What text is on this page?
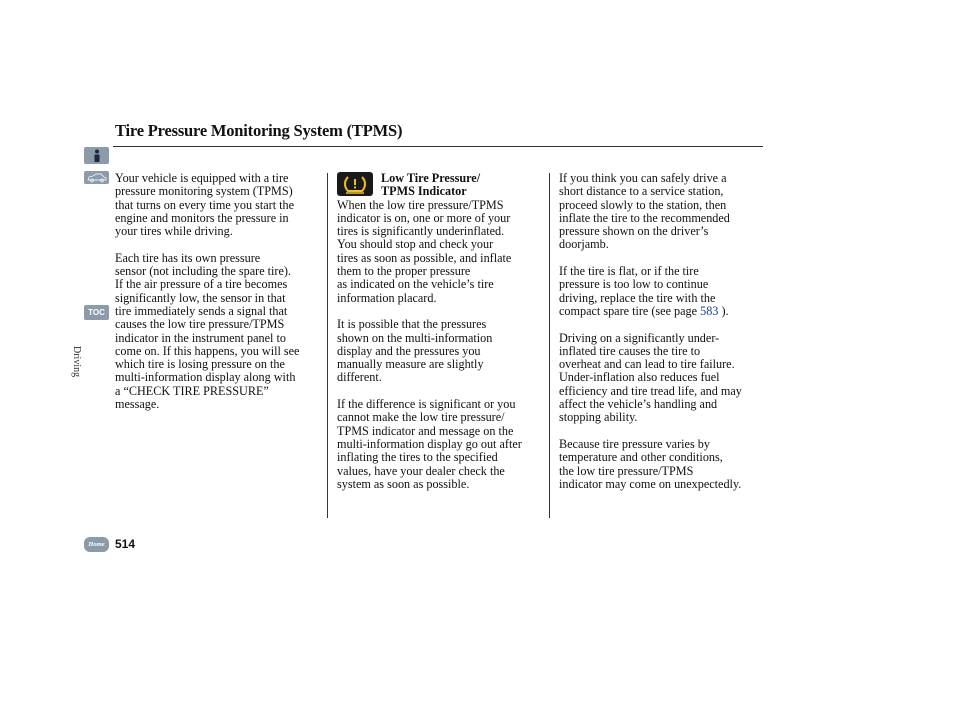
Tire Pressure Monitoring System (TPMS)
TOC
Driving
Home 514

Your vehicle is equipped with a tire
pressure monitoring system (TPMS)
that turns on every time you start the
engine and monitors the pressure in
your tires while driving.

Each tire has its own pressure
sensor (not including the spare tire).
If the air pressure of a tire becomes
significantly low, the sensor in that
tire immediately sends a signal that
causes the low tire pressure/TPMS
indicator in the instrument panel to
come on. If this happens, you will see
which tire is losing pressure on the
multi-information display along with
a “CHECK TIRE PRESSURE”
message.

Low Tire Pressure/
TPMS Indicator

When the low tire pressure/TPMS
indicator is on, one or more of your
tires is significantly underinflated.
You should stop and check your
tires as soon as possible, and inflate
them to the proper pressure
as indicated on the vehicle’s tire
information placard.

It is possible that the pressures
shown on the multi-information
display and the pressures you
manually measure are slightly
different.

If the difference is significant or you
cannot make the low tire pressure/
TPMS indicator and message on the
multi-information display go out after
inflating the tires to the specified
values, have your dealer check the
system as soon as possible.

If you think you can safely drive a
short distance to a service station,
proceed slowly to the station, then
inflate the tire to the recommended
pressure shown on the driver’s
doorjamb.

If the tire is flat, or if the tire
pressure is too low to continue
driving, replace the tire with the
compact spare tire (see page 583 ).

Driving on a significantly under-
inflated tire causes the tire to
overheat and can lead to tire failure.
Under-inflation also reduces fuel
efficiency and tire tread life, and may
affect the vehicle’s handling and
stopping ability.

Because tire pressure varies by
temperature and other conditions,
the low tire pressure/TPMS
indicator may come on unexpectedly.
